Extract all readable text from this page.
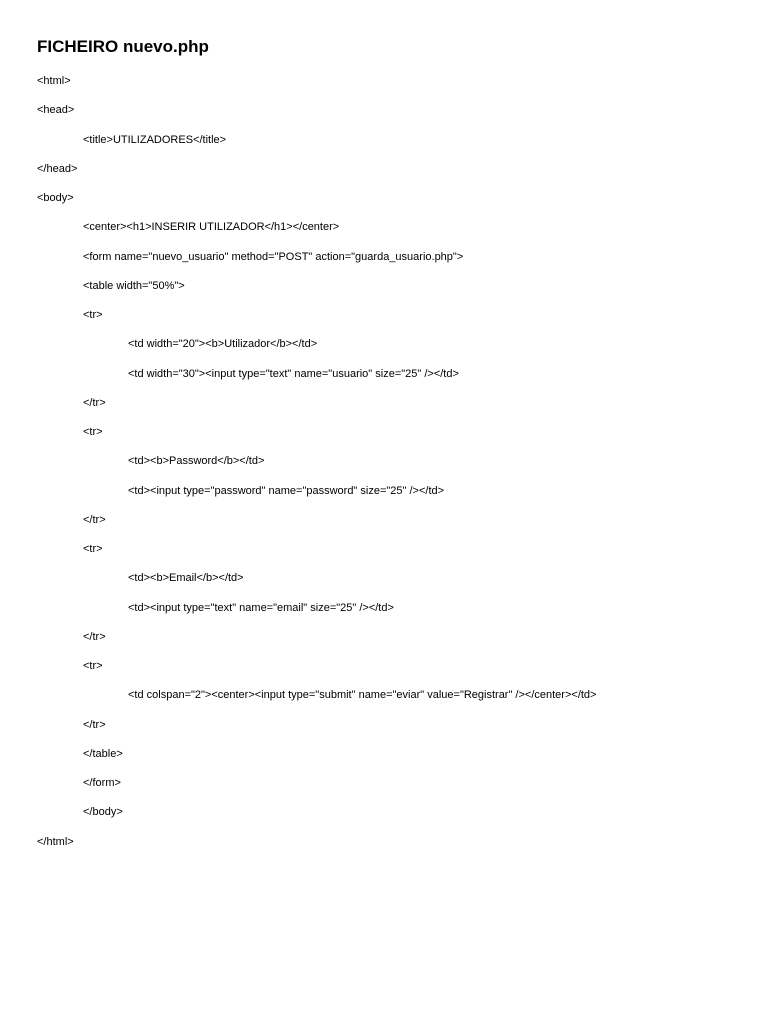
FICHEIRO nuevo.php
<html>
<head>
<title>UTILIZADORES</title>
</head>
<body>
<center><h1>INSERIR UTILIZADOR</h1></center>
<form name="nuevo_usuario" method="POST" action="guarda_usuario.php">
<table width="50%">
<tr>
<td width="20"><b>Utilizador</b></td>
<td width="30"><input type="text" name="usuario" size="25" /></td>
</tr>
<tr>
<td><b>Password</b></td>
<td><input type="password" name="password" size="25" /></td>
</tr>
<tr>
<td><b>Email</b></td>
<td><input type="text" name="email" size="25" /></td>
</tr>
<tr>
<td colspan="2"><center><input type="submit" name="eviar" value="Registrar" /></center></td>
</tr>
</table>
</form>
</body>
</html>
